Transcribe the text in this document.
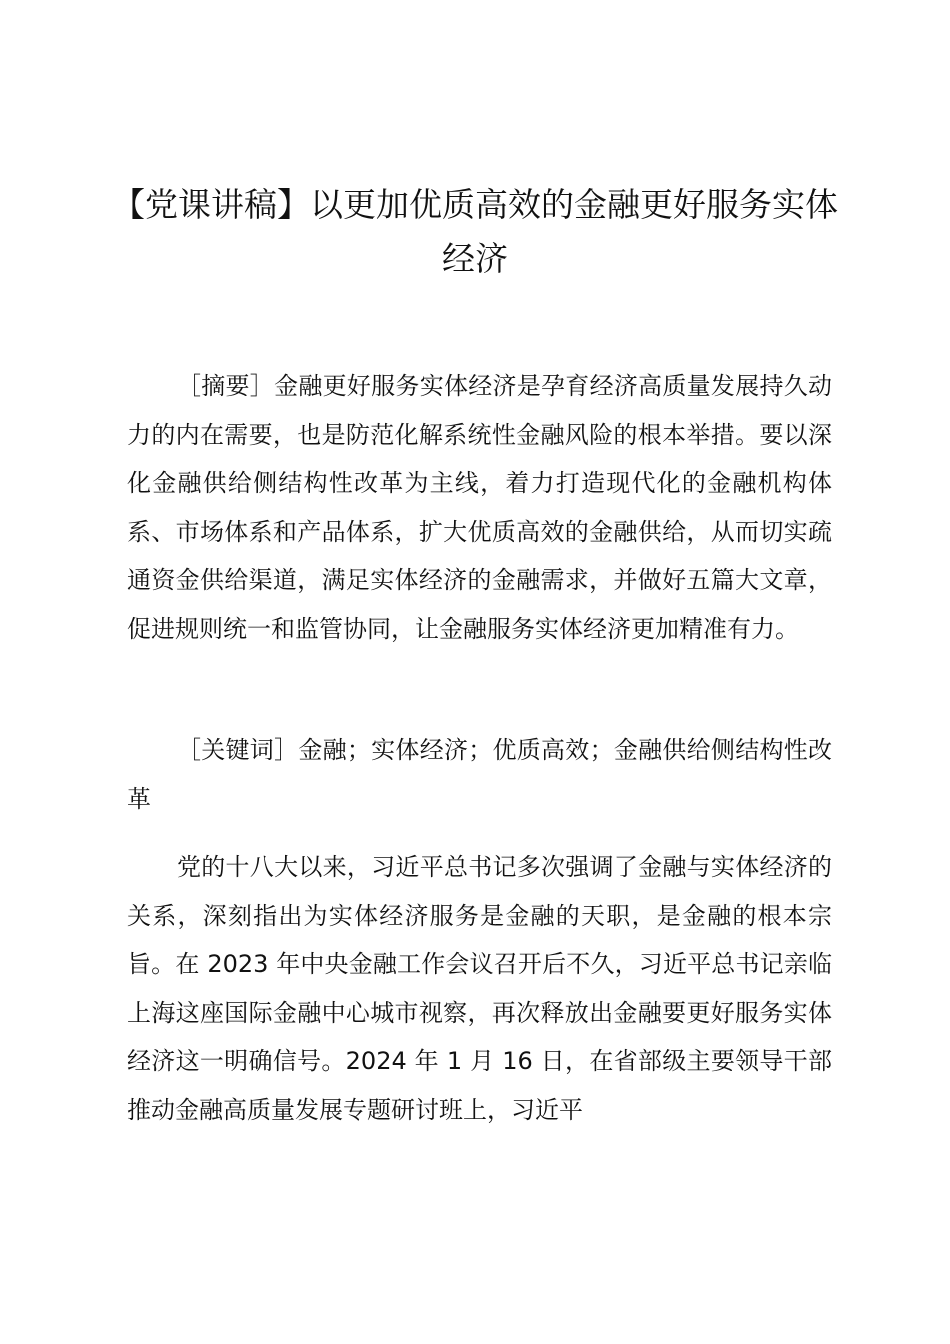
【党课讲稿】以更加优质高效的金融更好服务实体经济

［摘要］金融更好服务实体经济是孕育经济高质量发展持久动力的内在需要，也是防范化解系统性金融风险的根本举措。要以深化金融供给侧结构性改革为主线，着力打造现代化的金融机构体系、市场体系和产品体系，扩大优质高效的金融供给，从而切实疏通资金供给渠道，满足实体经济的金融需求，并做好五篇大文章，促进规则统一和监管协同，让金融服务实体经济更加精准有力。

［关键词］金融；实体经济；优质高效；金融供给侧结构性改革

党的十八大以来，习近平总书记多次强调了金融与实体经济的关系，深刻指出为实体经济服务是金融的天职，是金融的根本宗旨。在 2023 年中央金融工作会议召开后不久，习近平总书记亲临上海这座国际金融中心城市视察，再次释放出金融要更好服务实体经济这一明确信号。2024 年 1 月 16 日，在省部级主要领导干部推动金融高质量发展专题研讨班上，习近平
